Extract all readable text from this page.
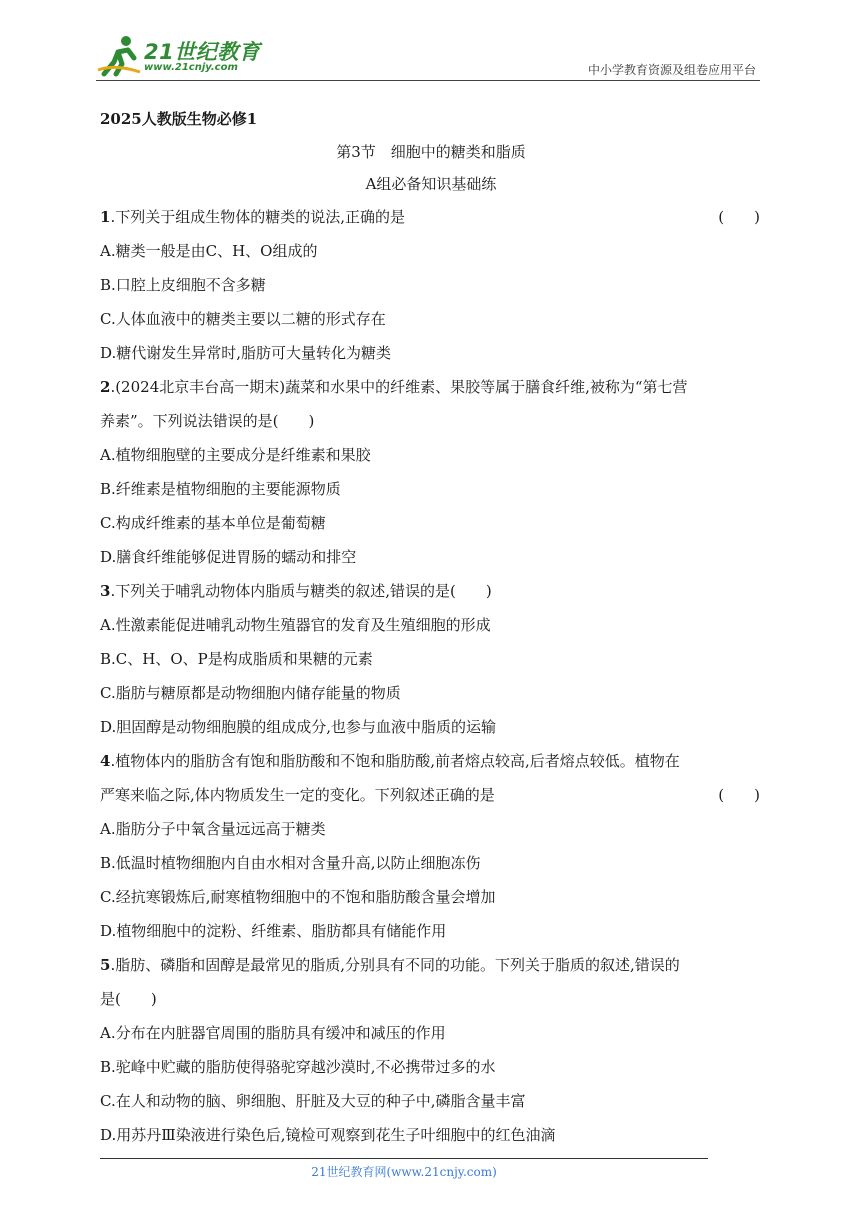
21世纪教育
www.21cnjy.com	中小学教育资源及组卷应用平台
2025人教版生物必修1
第3节　细胞中的糖类和脂质
A组必备知识基础练
1.下列关于组成生物体的糖类的说法,正确的是	(　　)
A.糖类一般是由C、H、O组成的
B.口腔上皮细胞不含多糖
C.人体血液中的糖类主要以二糖的形式存在
D.糖代谢发生异常时,脂肪可大量转化为糖类
2.(2024北京丰台高一期末)蔬菜和水果中的纤维素、果胶等属于膳食纤维,被称为“第七营
养素”。下列说法错误的是(　　)
A.植物细胞壁的主要成分是纤维素和果胶
B.纤维素是植物细胞的主要能源物质
C.构成纤维素的基本单位是葡萄糖
D.膳食纤维能够促进胃肠的蠕动和排空
3.下列关于哺乳动物体内脂质与糖类的叙述,错误的是(　　)
A.性激素能促进哺乳动物生殖器官的发育及生殖细胞的形成
B.C、H、O、P是构成脂质和果糖的元素
C.脂肪与糖原都是动物细胞内储存能量的物质
D.胆固醇是动物细胞膜的组成成分,也参与血液中脂质的运输
4.植物体内的脂肪含有饱和脂肪酸和不饱和脂肪酸,前者熔点较高,后者熔点较低。植物在
严寒来临之际,体内物质发生一定的变化。下列叙述正确的是	(　　)
A.脂肪分子中氧含量远远高于糖类
B.低温时植物细胞内自由水相对含量升高,以防止细胞冻伤
C.经抗寒锻炼后,耐寒植物细胞中的不饱和脂肪酸含量会增加
D.植物细胞中的淀粉、纤维素、脂肪都具有储能作用
5.脂肪、磷脂和固醇是最常见的脂质,分别具有不同的功能。下列关于脂质的叙述,错误的
是(　　)
A.分布在内脏器官周围的脂肪具有缓冲和减压的作用
B.驼峰中贮藏的脂肪使得骆驼穿越沙漠时,不必携带过多的水
C.在人和动物的脑、卵细胞、肝脏及大豆的种子中,磷脂含量丰富
D.用苏丹Ⅲ染液进行染色后,镜检可观察到花生子叶细胞中的红色油滴
21世纪教育网(www.21cnjy.com)
